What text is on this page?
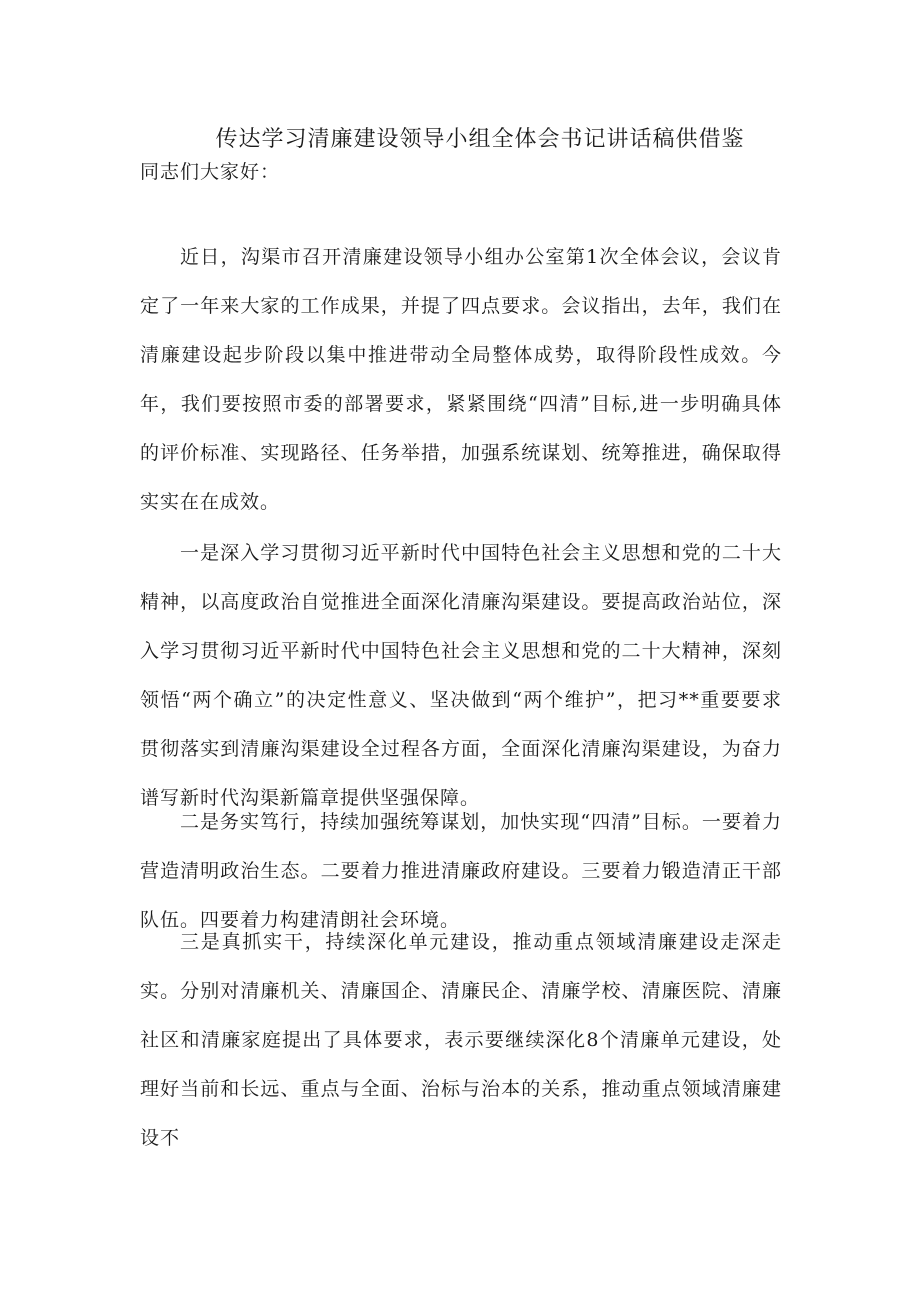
传达学习清廉建设领导小组全体会书记讲话稿供借鉴

同志们大家好：

近日，沟渠市召开清廉建设领导小组办公室第1次全体会议，会议肯定了一年来大家的工作成果，并提了四点要求。会议指出，去年，我们在清廉建设起步阶段以集中推进带动全局整体成势，取得阶段性成效。今年，我们要按照市委的部署要求，紧紧围绕“四清”目标,进一步明确具体的评价标准、实现路径、任务举措，加强系统谋划、统筹推进，确保取得实实在在成效。

一是深入学习贯彻习近平新时代中国特色社会主义思想和党的二十大精神，以高度政治自觉推进全面深化清廉沟渠建设。要提高政治站位，深入学习贯彻习近平新时代中国特色社会主义思想和党的二十大精神，深刻领悟“两个确立”的决定性意义、坚决做到“两个维护”，把习**重要要求贯彻落实到清廉沟渠建设全过程各方面，全面深化清廉沟渠建设，为奋力谱写新时代沟渠新篇章提供坚强保障。

二是务实笃行，持续加强统筹谋划，加快实现“四清”目标。一要着力营造清明政治生态。二要着力推进清廉政府建设。三要着力锻造清正干部队伍。四要着力构建清朗社会环境。

三是真抓实干，持续深化单元建设，推动重点领域清廉建设走深走实。分别对清廉机关、清廉国企、清廉民企、清廉学校、清廉医院、清廉社区和清廉家庭提出了具体要求，表示要继续深化8个清廉单元建设，处理好当前和长远、重点与全面、治标与治本的关系，推动重点领域清廉建设不
